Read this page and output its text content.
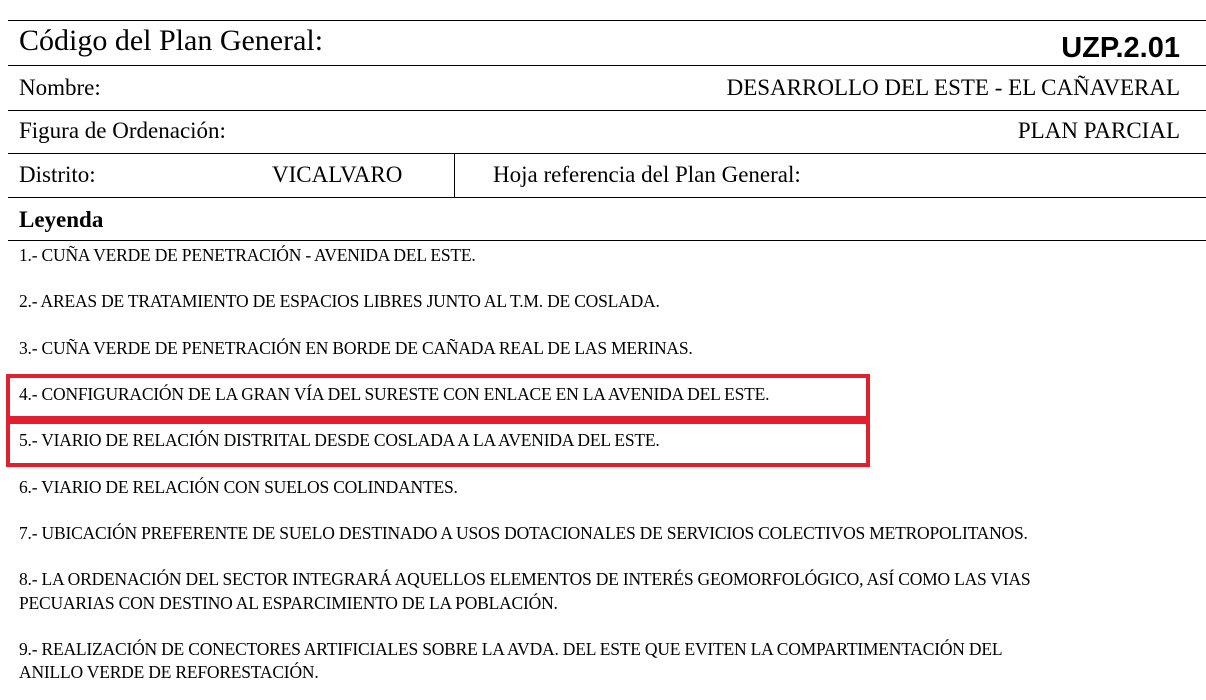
Código del Plan General:	UZP.2.01
Nombre:	DESARROLLO DEL ESTE - EL CAÑAVERAL
Figura de Ordenación:	PLAN PARCIAL
Distrito:	VICALVARO	Hoja referencia del Plan General:
Leyenda
1.- CUÑA VERDE DE PENETRACIÓN - AVENIDA DEL ESTE.
2.- AREAS DE TRATAMIENTO DE ESPACIOS LIBRES JUNTO AL T.M. DE COSLADA.
3.- CUÑA VERDE DE PENETRACIÓN EN BORDE DE CAÑADA REAL DE LAS MERINAS.
4.- CONFIGURACIÓN DE LA GRAN VÍA DEL SURESTE CON ENLACE EN LA AVENIDA DEL ESTE.
5.- VIARIO DE RELACIÓN DISTRITAL DESDE COSLADA A LA AVENIDA DEL ESTE.
6.- VIARIO DE RELACIÓN CON SUELOS COLINDANTES.
7.- UBICACIÓN PREFERENTE DE SUELO DESTINADO A USOS DOTACIONALES DE SERVICIOS COLECTIVOS METROPOLITANOS.
8.- LA ORDENACIÓN DEL SECTOR INTEGRARÁ AQUELLOS ELEMENTOS DE INTERÉS GEOMORFOLÓGICO, ASÍ COMO LAS VIAS
PECUARIAS CON DESTINO AL ESPARCIMIENTO DE LA POBLACIÓN.
9.- REALIZACIÓN DE CONECTORES ARTIFICIALES SOBRE LA AVDA. DEL ESTE QUE EVITEN LA COMPARTIMENTACIÓN DEL
ANILLO VERDE DE REFORESTACIÓN.
